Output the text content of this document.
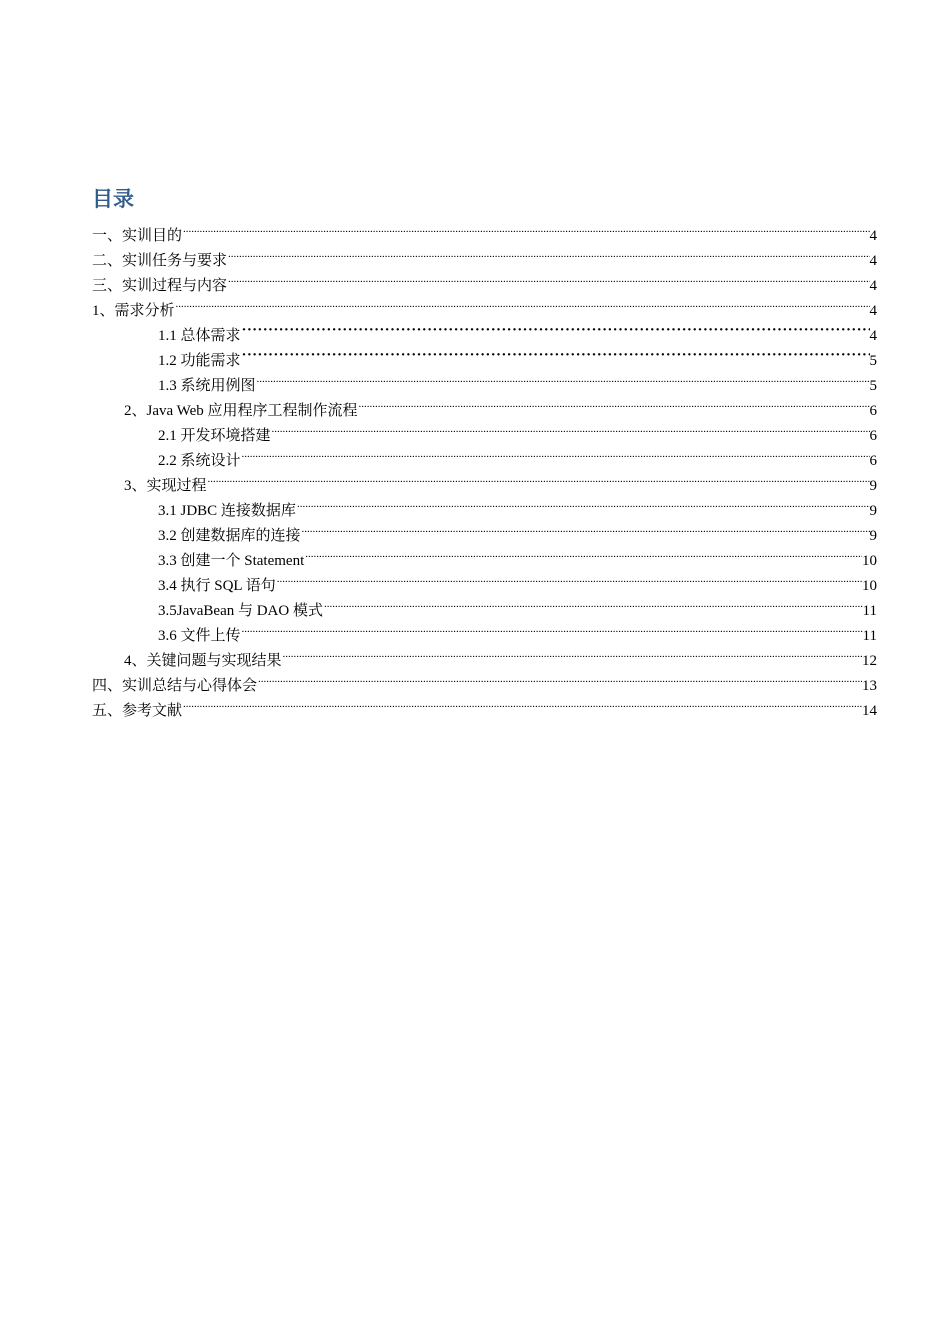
目录
一、实训目的 .....	4
二、实训任务与要求 .....	4
三、实训过程与内容 .....	4
1、需求分析 .....	4
1.1 总体需求 ·····	4
1.2 功能需求 ·····	5
1.3 系统用例图 .....	5
2、Java Web 应用程序工程制作流程 .....	6
2.1 开发环境搭建 .....	6
2.2 系统设计 .....	6
3、实现过程 .....	9
3.1 JDBC 连接数据库 .....	9
3.2 创建数据库的连接 .....	9
3.3 创建一个 Statement .....	10
3.4 执行 SQL 语句 .....	10
3.5JavaBean 与 DAO 模式 .....	11
3.6 文件上传 .....	11
4、关键问题与实现结果 .....	12
四、实训总结与心得体会 .....	13
五、参考文献 .....	14
